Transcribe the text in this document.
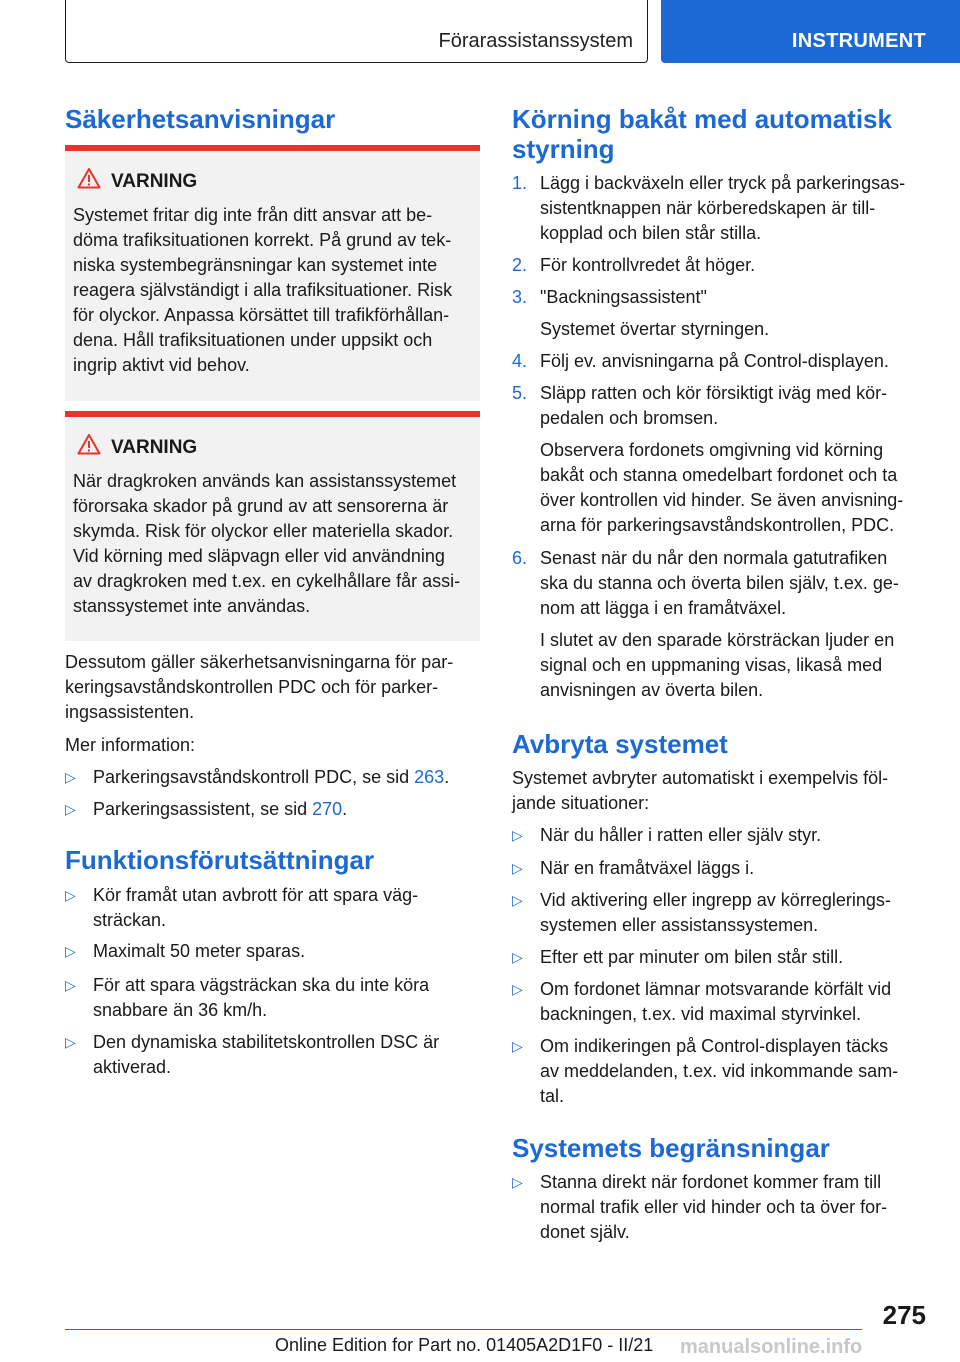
Förarassistanssystem	INSTRUMENT
Säkerhetsanvisningar
VARNING
Systemet fritar dig inte från ditt ansvar att be-
döma trafiksituationen korrekt. På grund av tek-
niska systembegränsningar kan systemet inte
reagera självständigt i alla trafiksituationer. Risk
för olyckor. Anpassa körsättet till trafikförhållan-
dena. Håll trafiksituationen under uppsikt och
ingrip aktivt vid behov.
VARNING
När dragkroken används kan assistanssystemet
förorsaka skador på grund av att sensorerna är
skymda. Risk för olyckor eller materiella skador.
Vid körning med släpvagn eller vid användning
av dragkroken med t.ex. en cykelhållare får assi-
stanssystemet inte användas.
Dessutom gäller säkerhetsanvisningarna för par-
keringsavståndskontrollen PDC och för parker-
ingsassistenten.
Mer information:
▷ Parkeringsavståndskontroll PDC, se sid 263.
▷ Parkeringsassistent, se sid 270.
Funktionsförutsättningar
▷ Kör framåt utan avbrott för att spara väg-
sträckan.
▷ Maximalt 50 meter sparas.
▷ För att spara vägsträckan ska du inte köra
snabbare än 36 km/h.
▷ Den dynamiska stabilitetskontrollen DSC är
aktiverad.
Körning bakåt med automatisk
styrning
1. Lägg i backväxeln eller tryck på parkeringsas-
sistentknappen när körberedskapen är till-
kopplad och bilen står stilla.
2. För kontrollvredet åt höger.
3. "Backningsassistent"
Systemet övertar styrningen.
4. Följ ev. anvisningarna på Control-displayen.
5. Släpp ratten och kör försiktigt iväg med kör-
pedalen och bromsen.
Observera fordonets omgivning vid körning
bakåt och stanna omedelbart fordonet och ta
över kontrollen vid hinder. Se även anvisning-
arna för parkeringsavståndskontrollen, PDC.
6. Senast när du når den normala gatutrafiken
ska du stanna och överta bilen själv, t.ex. ge-
nom att lägga i en framåtväxel.
I slutet av den sparade körsträckan ljuder en
signal och en uppmaning visas, likaså med
anvisningen av överta bilen.
Avbryta systemet
Systemet avbryter automatiskt i exempelvis föl-
jande situationer:
▷ När du håller i ratten eller själv styr.
▷ När en framåtväxel läggs i.
▷ Vid aktivering eller ingrepp av körreglerings-
systemen eller assistanssystemen.
▷ Efter ett par minuter om bilen står still.
▷ Om fordonet lämnar motsvarande körfält vid
backningen, t.ex. vid maximal styrvinkel.
▷ Om indikeringen på Control-displayen täcks
av meddelanden, t.ex. vid inkommande sam-
tal.
Systemets begränsningar
▷ Stanna direkt när fordonet kommer fram till
normal trafik eller vid hinder och ta över for-
donet själv.
275
Online Edition for Part no. 01405A2D1F0 - II/21 manualsonline.info
